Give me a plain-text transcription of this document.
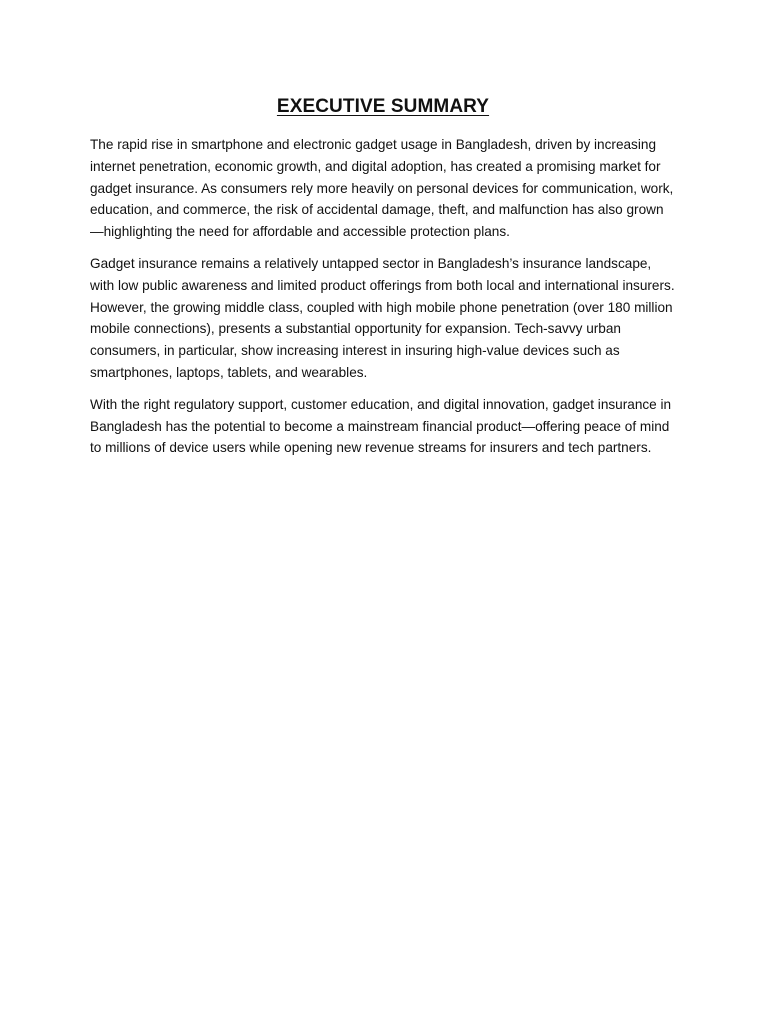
EXECUTIVE SUMMARY

The rapid rise in smartphone and electronic gadget usage in Bangladesh, driven by increasing internet penetration, economic growth, and digital adoption, has created a promising market for gadget insurance. As consumers rely more heavily on personal devices for communication, work, education, and commerce, the risk of accidental damage, theft, and malfunction has also grown—highlighting the need for affordable and accessible protection plans.

Gadget insurance remains a relatively untapped sector in Bangladesh’s insurance landscape, with low public awareness and limited product offerings from both local and international insurers. However, the growing middle class, coupled with high mobile phone penetration (over 180 million mobile connections), presents a substantial opportunity for expansion. Tech-savvy urban consumers, in particular, show increasing interest in insuring high-value devices such as smartphones, laptops, tablets, and wearables.

With the right regulatory support, customer education, and digital innovation, gadget insurance in Bangladesh has the potential to become a mainstream financial product—offering peace of mind to millions of device users while opening new revenue streams for insurers and tech partners.
